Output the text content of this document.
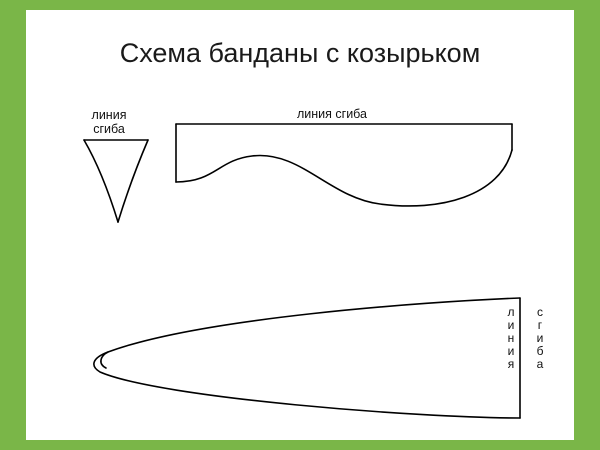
Схема банданы с козырьком
линия сгиба
линия сгиба
л
и
н
и
я
с
г
и
б
а
